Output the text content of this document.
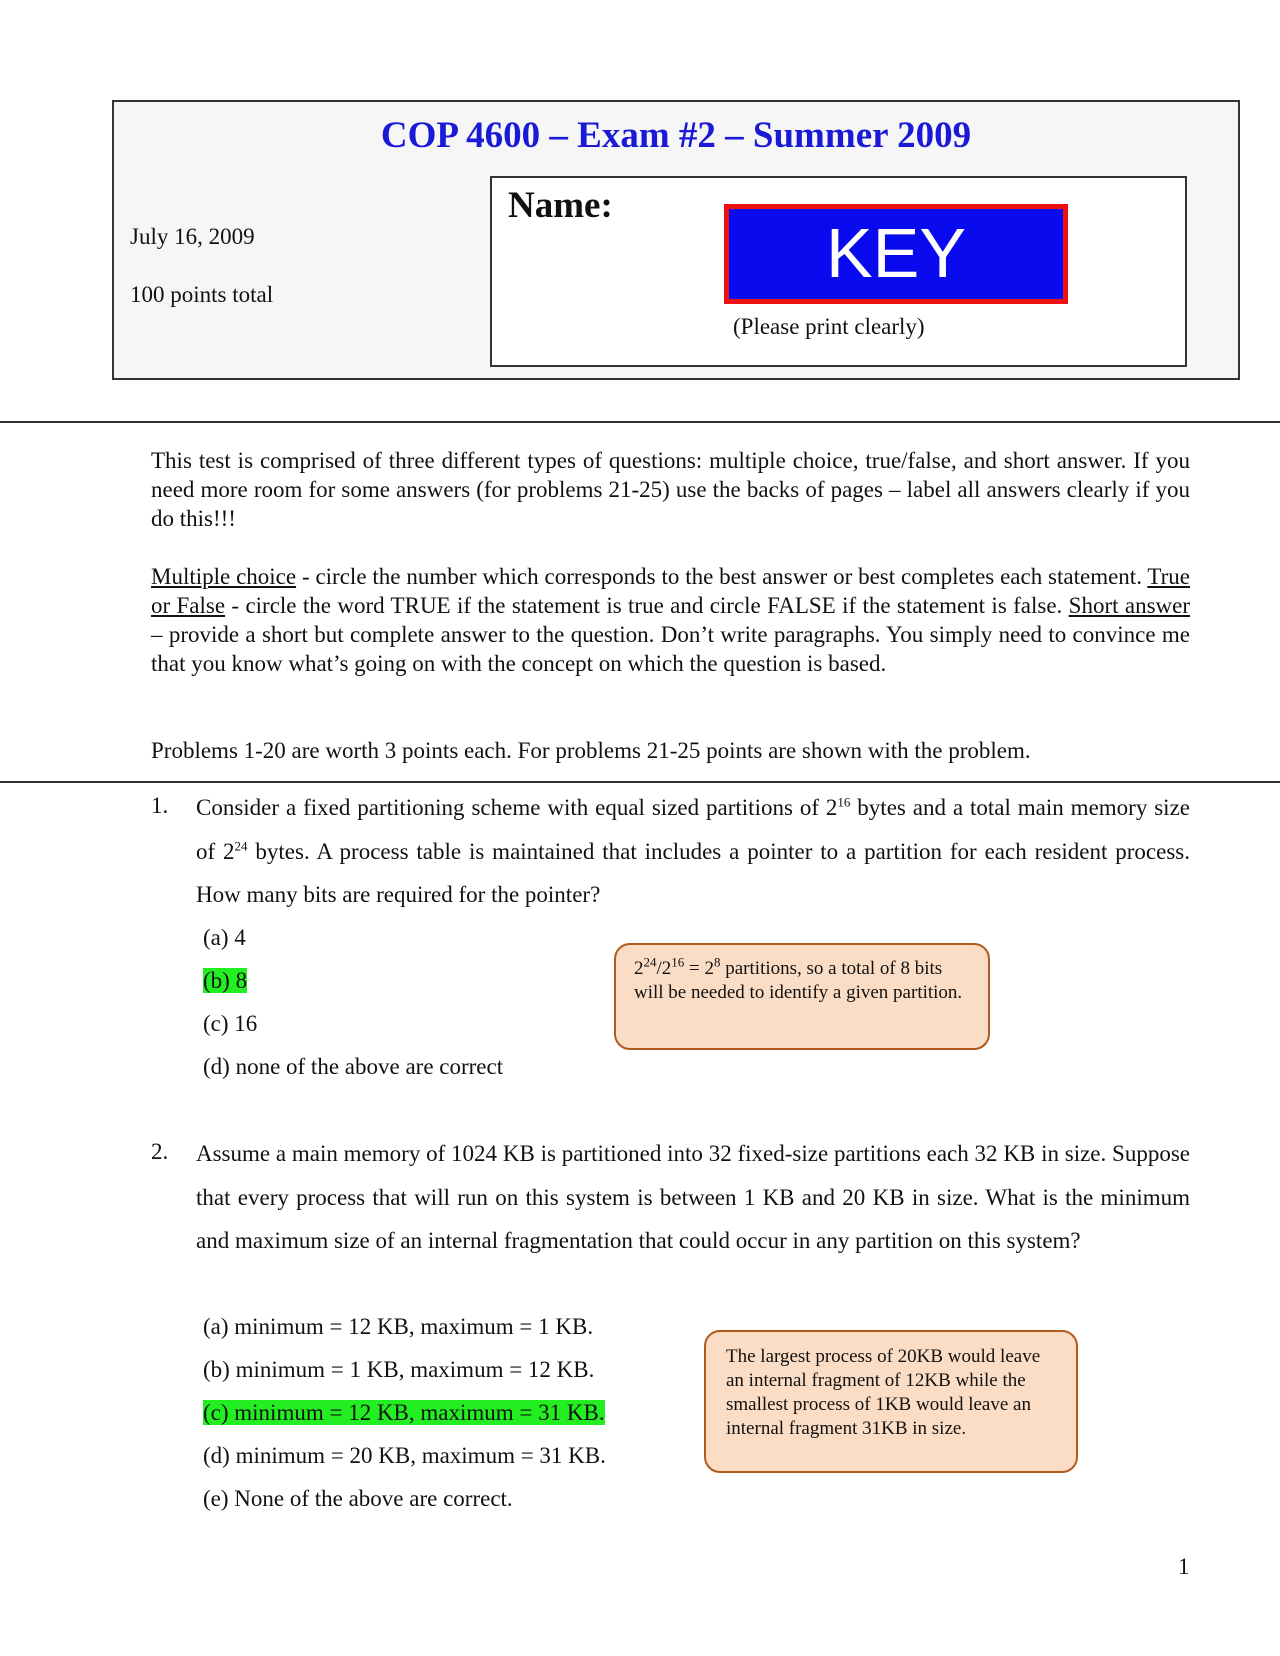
COP 4600 – Exam #2 – Summer 2009
July 16, 2009
100 points total
Name:
KEY
(Please print clearly)

This test is comprised of three different types of questions: multiple choice, true/false, and short answer. If you need more room for some answers (for problems 21-25) use the backs of pages – label all answers clearly if you do this!!!

Multiple choice - circle the number which corresponds to the best answer or best completes each statement. True or False - circle the word TRUE if the statement is true and circle FALSE if the statement is false. Short answer – provide a short but complete answer to the question. Don’t write paragraphs. You simply need to convince me that you know what’s going on with the concept on which the question is based.

Problems 1-20 are worth 3 points each. For problems 21-25 points are shown with the problem.
1. Consider a fixed partitioning scheme with equal sized partitions of $2^{16}$ bytes and a total main memory size of $2^{24}$ bytes. A process table is maintained that includes a pointer to a partition for each resident process. How many bits are required for the pointer?
(a) 4
(b) 8
(c) 16
(d) none of the above are correct

$2^{24}/2^{16} = 2^8$ partitions, so a total of 8 bits will be needed to identify a given partition.

2. Assume a main memory of 1024 KB is partitioned into 32 fixed-size partitions each 32 KB in size. Suppose that every process that will run on this system is between 1 KB and 20 KB in size. What is the minimum and maximum size of an internal fragmentation that could occur in any partition on this system?
(a) minimum = 12 KB, maximum = 1 KB.
(b) minimum = 1 KB, maximum = 12 KB.
(c) minimum = 12 KB, maximum = 31 KB.
(d) minimum = 20 KB, maximum = 31 KB.
(e) None of the above are correct.

The largest process of 20KB would leave an internal fragment of 12KB while the smallest process of 1KB would leave an internal fragment 31KB in size.

1
